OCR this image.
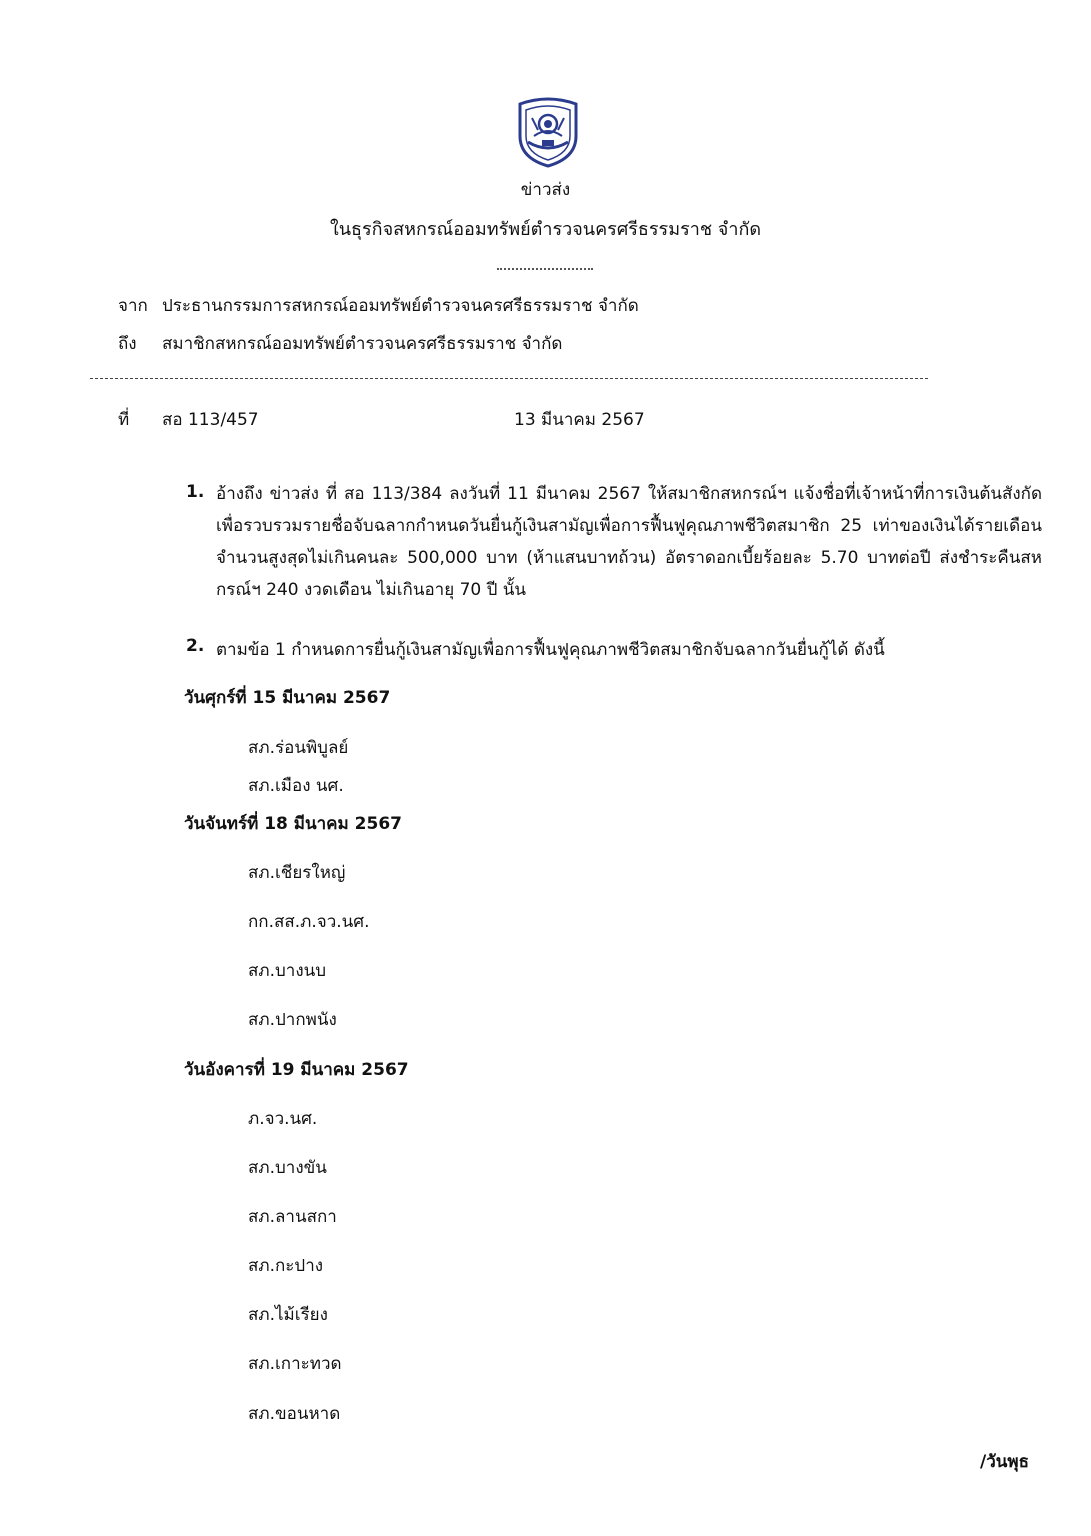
ข่าวส่ง
ในธุรกิจสหกรณ์ออมทรัพย์ตำรวจนครศรีธรรมราช จำกัด
จาก ประธานกรรมการสหกรณ์ออมทรัพย์ตำรวจนครศรีธรรมราช จำกัด
ถึง สมาชิกสหกรณ์ออมทรัพย์ตำรวจนครศรีธรรมราช จำกัด
ที่ สอ 113/457	13 มีนาคม 2567
1. อ้างถึง ข่าวส่ง ที่ สอ 113/384 ลงวันที่ 11 มีนาคม 2567 ให้สมาชิกสหกรณ์ฯ แจ้งชื่อที่เจ้าหน้าที่การเงินต้นสังกัด เพื่อรวบรวมรายชื่อจับฉลากกำหนดวันยื่นกู้เงินสามัญเพื่อการฟื้นฟูคุณภาพชีวิตสมาชิก 25 เท่าของเงินได้รายเดือน จำนวนสูงสุดไม่เกินคนละ 500,000 บาท (ห้าแสนบาทถ้วน) อัตราดอกเบี้ยร้อยละ 5.70 บาทต่อปี ส่งชำระคืนสหกรณ์ฯ 240 งวดเดือน ไม่เกินอายุ 70 ปี นั้น
2. ตามข้อ 1 กำหนดการยื่นกู้เงินสามัญเพื่อการฟื้นฟูคุณภาพชีวิตสมาชิกจับฉลากวันยื่นกู้ได้ ดังนี้
วันศุกร์ที่ 15 มีนาคม 2567
สภ.ร่อนพิบูลย์
สภ.เมือง นศ.
วันจันทร์ที่ 18 มีนาคม 2567
สภ.เชียรใหญ่
กก.สส.ภ.จว.นศ.
สภ.บางนบ
สภ.ปากพนัง
วันอังคารที่ 19 มีนาคม 2567
ภ.จว.นศ.
สภ.บางขัน
สภ.ลานสกา
สภ.กะปาง
สภ.ไม้เรียง
สภ.เกาะทวด
สภ.ขอนหาด
/วันพุธ
